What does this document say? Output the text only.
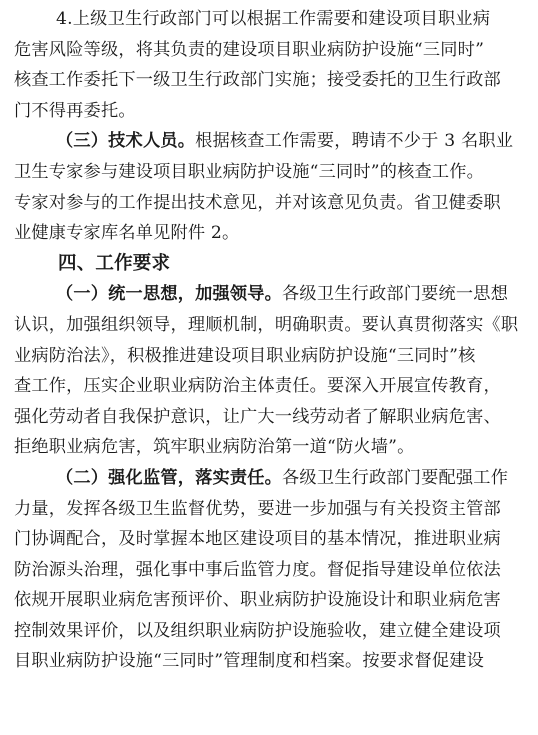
4.上级卫生行政部门可以根据工作需要和建设项目职业病
危害风险等级，将其负责的建设项目职业病防护设施“三同时”
核查工作委托下一级卫生行政部门实施；接受委托的卫生行政部
门不得再委托。
（三）技术人员。根据核查工作需要，聘请不少于 3 名职业
卫生专家参与建设项目职业病防护设施“三同时”的核查工作。
专家对参与的工作提出技术意见，并对该意见负责。省卫健委职
业健康专家库名单见附件 2。
四、工作要求
（一）统一思想，加强领导。各级卫生行政部门要统一思想
认识，加强组织领导，理顺机制，明确职责。要认真贯彻落实《职
业病防治法》，积极推进建设项目职业病防护设施“三同时”核
查工作，压实企业职业病防治主体责任。要深入开展宣传教育，
强化劳动者自我保护意识，让广大一线劳动者了解职业病危害、
拒绝职业病危害，筑牢职业病防治第一道“防火墙”。
（二）强化监管，落实责任。各级卫生行政部门要配强工作
力量，发挥各级卫生监督优势，要进一步加强与有关投资主管部
门协调配合，及时掌握本地区建设项目的基本情况，推进职业病
防治源头治理，强化事中事后监管力度。督促指导建设单位依法
依规开展职业病危害预评价、职业病防护设施设计和职业病危害
控制效果评价，以及组织职业病防护设施验收，建立健全建设项
目职业病防护设施“三同时”管理制度和档案。按要求督促建设
